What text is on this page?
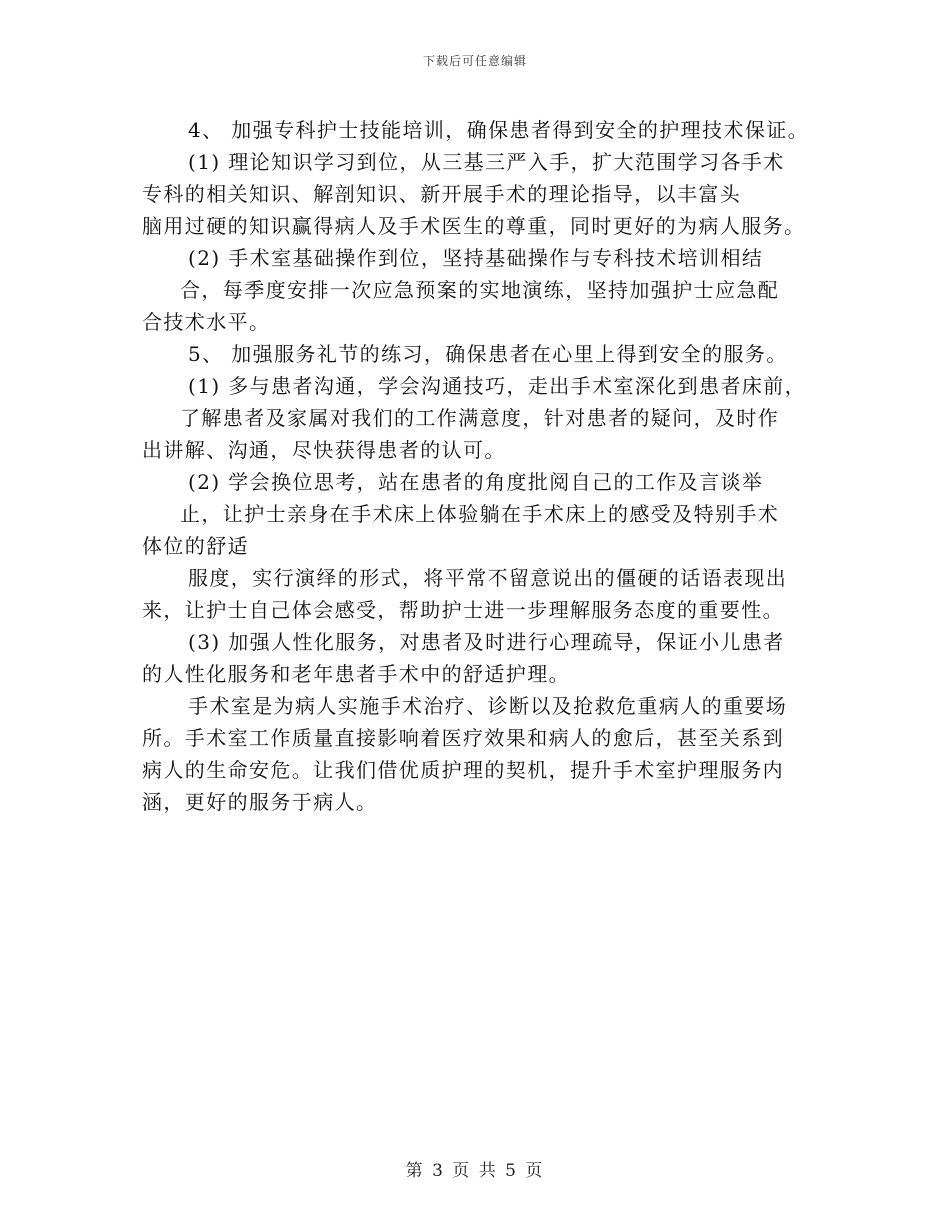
下载后可任意编辑
4、 加强专科护士技能培训，确保患者得到安全的护理技术保证。
(1) 理论知识学习到位，从三基三严入手，扩大范围学习各手术
专科的相关知识、解剖知识、新开展手术的理论指导，以丰富头
脑用过硬的知识赢得病人及手术医生的尊重，同时更好的为病人服务。
(2) 手术室基础操作到位，坚持基础操作与专科技术培训相结
合，每季度安排一次应急预案的实地演练，坚持加强护士应急配
合技术水平。
5、 加强服务礼节的练习，确保患者在心里上得到安全的服务。
(1) 多与患者沟通，学会沟通技巧，走出手术室深化到患者床前，
了解患者及家属对我们的工作满意度，针对患者的疑问，及时作
出讲解、沟通，尽快获得患者的认可。
(2) 学会换位思考，站在患者的角度批阅自己的工作及言谈举
止，让护士亲身在手术床上体验躺在手术床上的感受及特别手术
体位的舒适
服度，实行演绎的形式，将平常不留意说出的僵硬的话语表现出
来，让护士自己体会感受，帮助护士进一步理解服务态度的重要性。
(3) 加强人性化服务，对患者及时进行心理疏导，保证小儿患者
的人性化服务和老年患者手术中的舒适护理。
手术室是为病人实施手术治疗、诊断以及抢救危重病人的重要场
所。手术室工作质量直接影响着医疗效果和病人的愈后，甚至关系到
病人的生命安危。让我们借优质护理的契机，提升手术室护理服务内
涵，更好的服务于病人。
第 3 页 共 5 页
